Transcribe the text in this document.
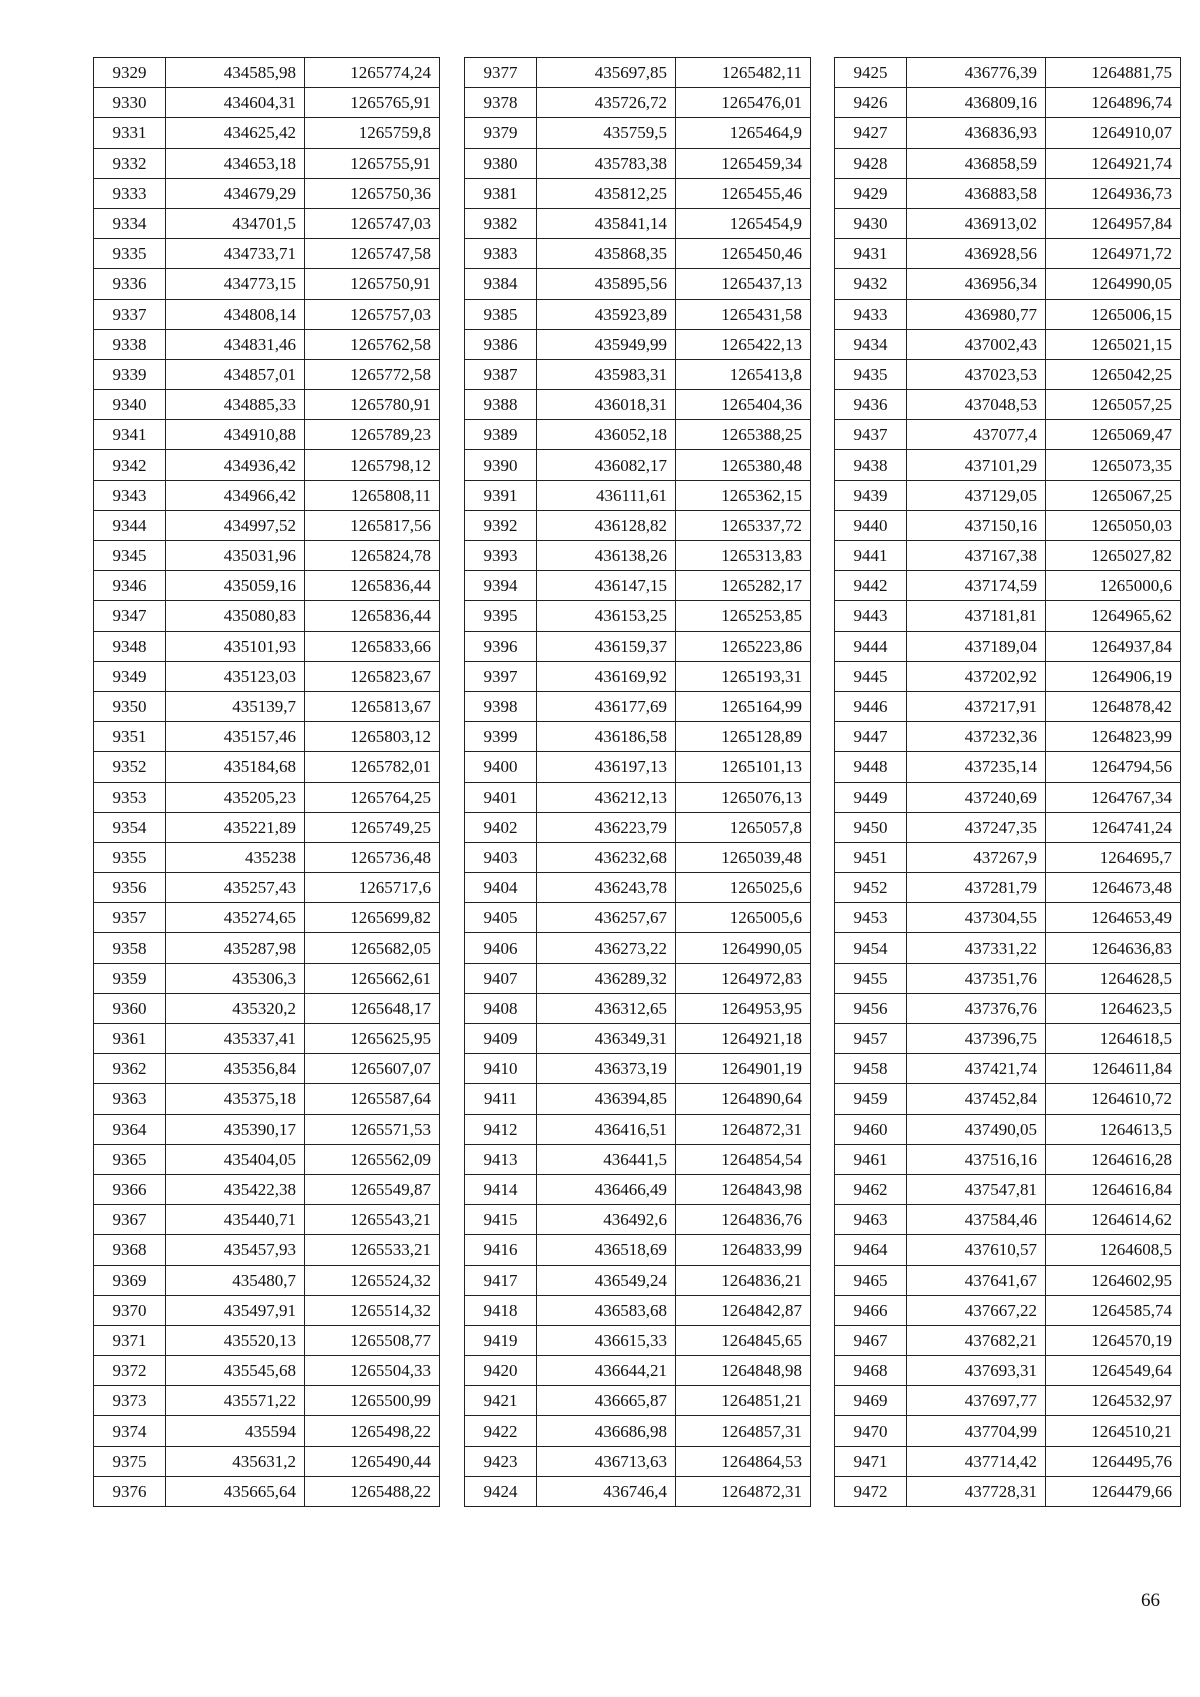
9329	434585,98	1265774,24
9330	434604,31	1265765,91
9331	434625,42	1265759,8
9332	434653,18	1265755,91
9333	434679,29	1265750,36
9334	434701,5	1265747,03
9335	434733,71	1265747,58
9336	434773,15	1265750,91
9337	434808,14	1265757,03
9338	434831,46	1265762,58
9339	434857,01	1265772,58
9340	434885,33	1265780,91
9341	434910,88	1265789,23
9342	434936,42	1265798,12
9343	434966,42	1265808,11
9344	434997,52	1265817,56
9345	435031,96	1265824,78
9346	435059,16	1265836,44
9347	435080,83	1265836,44
9348	435101,93	1265833,66
9349	435123,03	1265823,67
9350	435139,7	1265813,67
9351	435157,46	1265803,12
9352	435184,68	1265782,01
9353	435205,23	1265764,25
9354	435221,89	1265749,25
9355	435238	1265736,48
9356	435257,43	1265717,6
9357	435274,65	1265699,82
9358	435287,98	1265682,05
9359	435306,3	1265662,61
9360	435320,2	1265648,17
9361	435337,41	1265625,95
9362	435356,84	1265607,07
9363	435375,18	1265587,64
9364	435390,17	1265571,53
9365	435404,05	1265562,09
9366	435422,38	1265549,87
9367	435440,71	1265543,21
9368	435457,93	1265533,21
9369	435480,7	1265524,32
9370	435497,91	1265514,32
9371	435520,13	1265508,77
9372	435545,68	1265504,33
9373	435571,22	1265500,99
9374	435594	1265498,22
9375	435631,2	1265490,44
9376	435665,64	1265488,22
9377	435697,85	1265482,11
9378	435726,72	1265476,01
9379	435759,5	1265464,9
9380	435783,38	1265459,34
9381	435812,25	1265455,46
9382	435841,14	1265454,9
9383	435868,35	1265450,46
9384	435895,56	1265437,13
9385	435923,89	1265431,58
9386	435949,99	1265422,13
9387	435983,31	1265413,8
9388	436018,31	1265404,36
9389	436052,18	1265388,25
9390	436082,17	1265380,48
9391	436111,61	1265362,15
9392	436128,82	1265337,72
9393	436138,26	1265313,83
9394	436147,15	1265282,17
9395	436153,25	1265253,85
9396	436159,37	1265223,86
9397	436169,92	1265193,31
9398	436177,69	1265164,99
9399	436186,58	1265128,89
9400	436197,13	1265101,13
9401	436212,13	1265076,13
9402	436223,79	1265057,8
9403	436232,68	1265039,48
9404	436243,78	1265025,6
9405	436257,67	1265005,6
9406	436273,22	1264990,05
9407	436289,32	1264972,83
9408	436312,65	1264953,95
9409	436349,31	1264921,18
9410	436373,19	1264901,19
9411	436394,85	1264890,64
9412	436416,51	1264872,31
9413	436441,5	1264854,54
9414	436466,49	1264843,98
9415	436492,6	1264836,76
9416	436518,69	1264833,99
9417	436549,24	1264836,21
9418	436583,68	1264842,87
9419	436615,33	1264845,65
9420	436644,21	1264848,98
9421	436665,87	1264851,21
9422	436686,98	1264857,31
9423	436713,63	1264864,53
9424	436746,4	1264872,31
9425	436776,39	1264881,75
9426	436809,16	1264896,74
9427	436836,93	1264910,07
9428	436858,59	1264921,74
9429	436883,58	1264936,73
9430	436913,02	1264957,84
9431	436928,56	1264971,72
9432	436956,34	1264990,05
9433	436980,77	1265006,15
9434	437002,43	1265021,15
9435	437023,53	1265042,25
9436	437048,53	1265057,25
9437	437077,4	1265069,47
9438	437101,29	1265073,35
9439	437129,05	1265067,25
9440	437150,16	1265050,03
9441	437167,38	1265027,82
9442	437174,59	1265000,6
9443	437181,81	1264965,62
9444	437189,04	1264937,84
9445	437202,92	1264906,19
9446	437217,91	1264878,42
9447	437232,36	1264823,99
9448	437235,14	1264794,56
9449	437240,69	1264767,34
9450	437247,35	1264741,24
9451	437267,9	1264695,7
9452	437281,79	1264673,48
9453	437304,55	1264653,49
9454	437331,22	1264636,83
9455	437351,76	1264628,5
9456	437376,76	1264623,5
9457	437396,75	1264618,5
9458	437421,74	1264611,84
9459	437452,84	1264610,72
9460	437490,05	1264613,5
9461	437516,16	1264616,28
9462	437547,81	1264616,84
9463	437584,46	1264614,62
9464	437610,57	1264608,5
9465	437641,67	1264602,95
9466	437667,22	1264585,74
9467	437682,21	1264570,19
9468	437693,31	1264549,64
9469	437697,77	1264532,97
9470	437704,99	1264510,21
9471	437714,42	1264495,76
9472	437728,31	1264479,66
66
